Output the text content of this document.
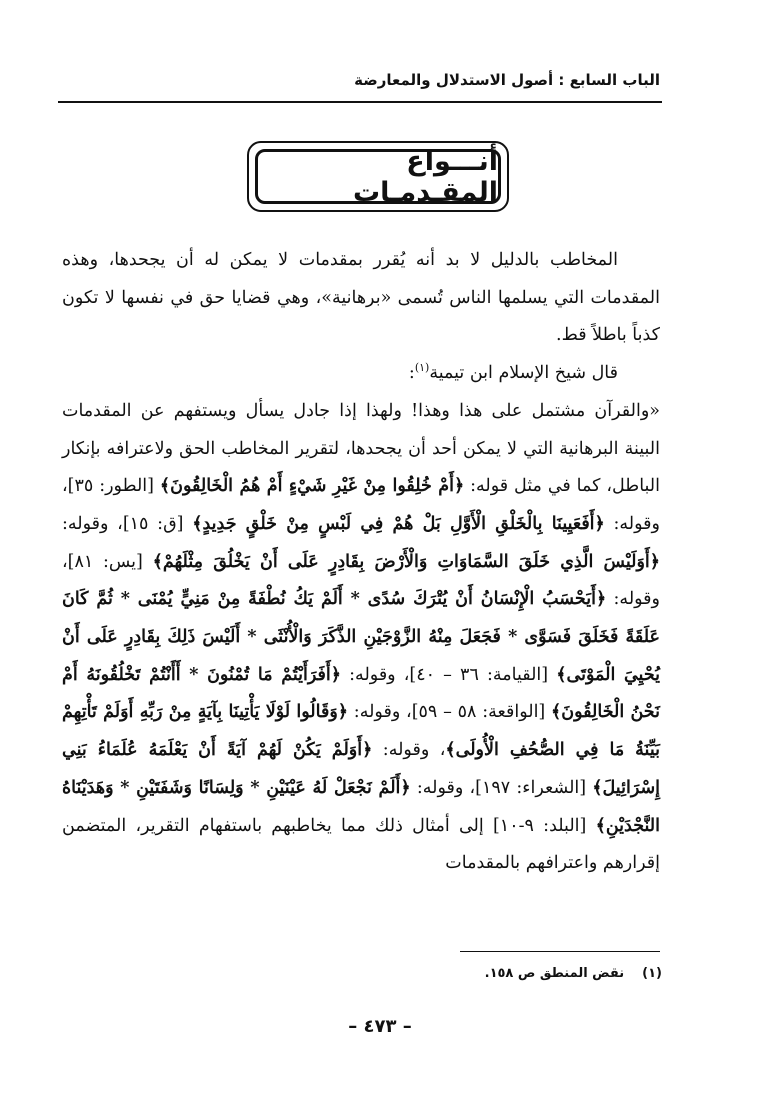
الباب السابع : أصول الاستدلال والمعارضة
أنـــواع المقـدمـات

المخاطب بالدليل لا بد أنه يُقرر بمقدمات لا يمكن له أن يجحدها، وهذه المقدمات التي يسلمها الناس تُسمى «برهانية»، وهي قضايا حق في نفسها لا تكون كذباً باطلاً قط.

قال شيخ الإسلام ابن تيمية$^{(١)}$:

«والقرآن مشتمل على هذا وهذا! ولهذا إذا جادل يسأل ويستفهم عن المقدمات البينة البرهانية التي لا يمكن أحد أن يجحدها، لتقرير المخاطب الحق ولاعترافه بإنكار الباطل، كما في مثل قوله: ﴿أَمْ خُلِقُوا مِنْ غَيْرِ شَيْءٍ أَمْ هُمُ الْخَالِقُونَ﴾ [الطور: ٣٥]، وقوله: ﴿أَفَعَيِينَا بِالْخَلْقِ الْأَوَّلِ بَلْ هُمْ فِي لَبْسٍ مِنْ خَلْقٍ جَدِيدٍ﴾ [ق: ١٥]، وقوله: ﴿أَوَلَيْسَ الَّذِي خَلَقَ السَّمَاوَاتِ وَالْأَرْضَ بِقَادِرٍ عَلَى أَنْ يَخْلُقَ مِثْلَهُمْ﴾ [يس: ٨١]، وقوله: ﴿أَيَحْسَبُ الْإِنْسَانُ أَنْ يُتْرَكَ سُدًى * أَلَمْ يَكُ نُطْفَةً مِنْ مَنِيٍّ يُمْنَى * ثُمَّ كَانَ عَلَقَةً فَخَلَقَ فَسَوَّى * فَجَعَلَ مِنْهُ الزَّوْجَيْنِ الذَّكَرَ وَالْأُنْثَى * أَلَيْسَ ذَلِكَ بِقَادِرٍ عَلَى أَنْ يُحْيِيَ الْمَوْتَى﴾ [القيامة: ٣٦ – ٤٠]، وقوله: ﴿أَفَرَأَيْتُمْ مَا تُمْنُونَ * أَأَنْتُمْ تَخْلُقُونَهُ أَمْ نَحْنُ الْخَالِقُونَ﴾ [الواقعة: ٥٨ – ٥٩]، وقوله: ﴿وَقَالُوا لَوْلَا يَأْتِينَا بِآيَةٍ مِنْ رَبِّهِ أَوَلَمْ تَأْتِهِمْ بَيِّنَةُ مَا فِي الصُّحُفِ الْأُولَى﴾، وقوله: ﴿أَوَلَمْ يَكُنْ لَهُمْ آيَةً أَنْ يَعْلَمَهُ عُلَمَاءُ بَنِي إِسْرَائِيلَ﴾ [الشعراء: ١٩٧]، وقوله: ﴿أَلَمْ نَجْعَلْ لَهُ عَيْنَيْنِ * وَلِسَانًا وَشَفَتَيْنِ * وَهَدَيْنَاهُ النَّجْدَيْنِ﴾ [البلد: ٩-١٠] إلى أمثال ذلك مما يخاطبهم باستفهام التقرير، المتضمن إقرارهم واعترافهم بالمقدمات

(١)نقض المنطق ص ١٥٨.
– ٤٧٣ –
